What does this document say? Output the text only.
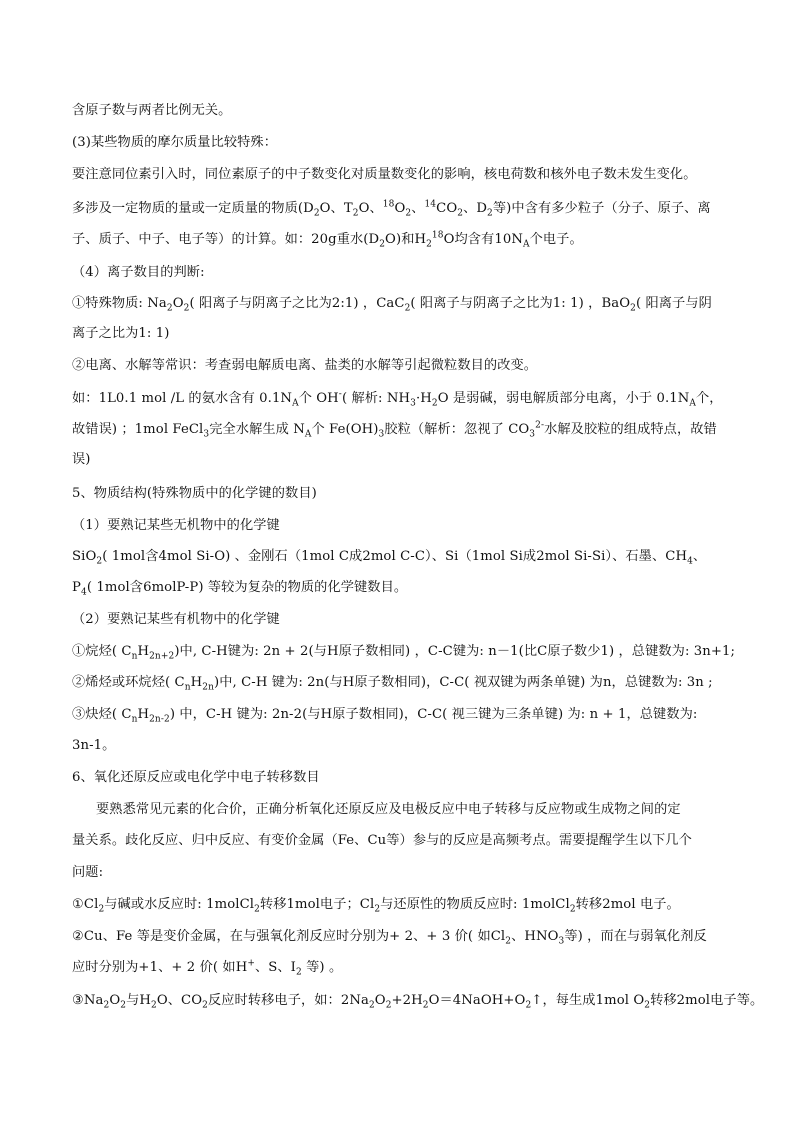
含原子数与两者比例无关。
(3)某些物质的摩尔质量比较特殊：
要注意同位素引入时，同位素原子的中子数变化对质量数变化的影响，核电荷数和核外电子数未发生变化。
多涉及一定物质的量或一定质量的物质($D_2O$、$T_2O$、$^{18}O_2$、$^{14}CO_2$、$D_2$等)中含有多少粒子（分子、原子、离
子、质子、中子、电子等）的计算。如：20g重水$(D_2O)$和$H_2^{18}O$均含有$10N_A$个电子。
（4）离子数目的判断:
①特殊物质: $Na_2O_2$( 阳离子与阴离子之比为2:1) ，CaC$_2$( 阳离子与阴离子之比为1: 1) ，BaO$_2$( 阳离子与阴
离子之比为1: 1)
②电离、水解等常识：考查弱电解质电离、盐类的水解等引起微粒数目的改变。
如：1L0.1 mol /L 的氨水含有 $0.1N_A$个 OH-( 解析: $NH_3\cdot H_2O$ 是弱碱，弱电解质部分电离，小于 $0.1N_A$个，
故错误) ；1mol FeCl$_3$完全水解生成 $N_A$个 $Fe(OH)_3$胶粒（解析：忽视了 $CO_3^{2-}$水解及胶粒的组成特点，故错
误)
5、物质结构(特殊物质中的化学键的数目)
（1）要熟记某些无机物中的化学键
SiO$_2$( 1mol含4mol Si-O) 、金刚石（1mol C成2mol C-C）、Si（1mol Si成2mol Si-Si）、石墨、$CH_4$、
$P_4$( 1mol含6molP-P) 等较为复杂的物质的化学键数目。
（2）要熟记某些有机物中的化学键
①烷烃( $C_nH_{2n+2}$)中, C-H键为: 2n + 2(与H原子数相同) ，C-C键为: n－1(比C原子数少1) ，总键数为: 3n+1;
②烯烃或环烷烃( $C_nH_{2n}$)中, C-H 键为: 2n(与H原子数相同)，C-C( 视双键为两条单键) 为n，总键数为: 3n ;
③炔烃( $C_nH_{2n-2}$) 中，C-H 键为: 2n-2(与H原子数相同)，C-C( 视三键为三条单键) 为: n + 1，总键数为:
3n-1。
6、氧化还原反应或电化学中电子转移数目
要熟悉常见元素的化合价，正确分析氧化还原反应及电极反应中电子转移与反应物或生成物之间的定
量关系。歧化反应、归中反应、有变价金属（Fe、Cu等）参与的反应是高频考点。需要提醒学生以下几个
问题:
$①Cl_2$与碱或水反应时: 1molCl$_2$转移1mol电子；$Cl_2$与还原性的物质反应时: 1molCl$_2$转移2mol 电子。
②Cu、Fe 等是变价金属，在与强氧化剂反应时分别为+ 2、+ 3 价( 如$Cl_2$、$HNO_3$等) ，而在与弱氧化剂反
应时分别为+1、+ 2 价( 如H+、S、$I_2$ 等) 。
$③Na_2O_2$与$H_2O$、$CO_2$反应时转移电子，如：$2Na_2O_2+2H_2O=4NaOH+O_2↑$，每生成1mol $O_2$转移2mol电子等。
